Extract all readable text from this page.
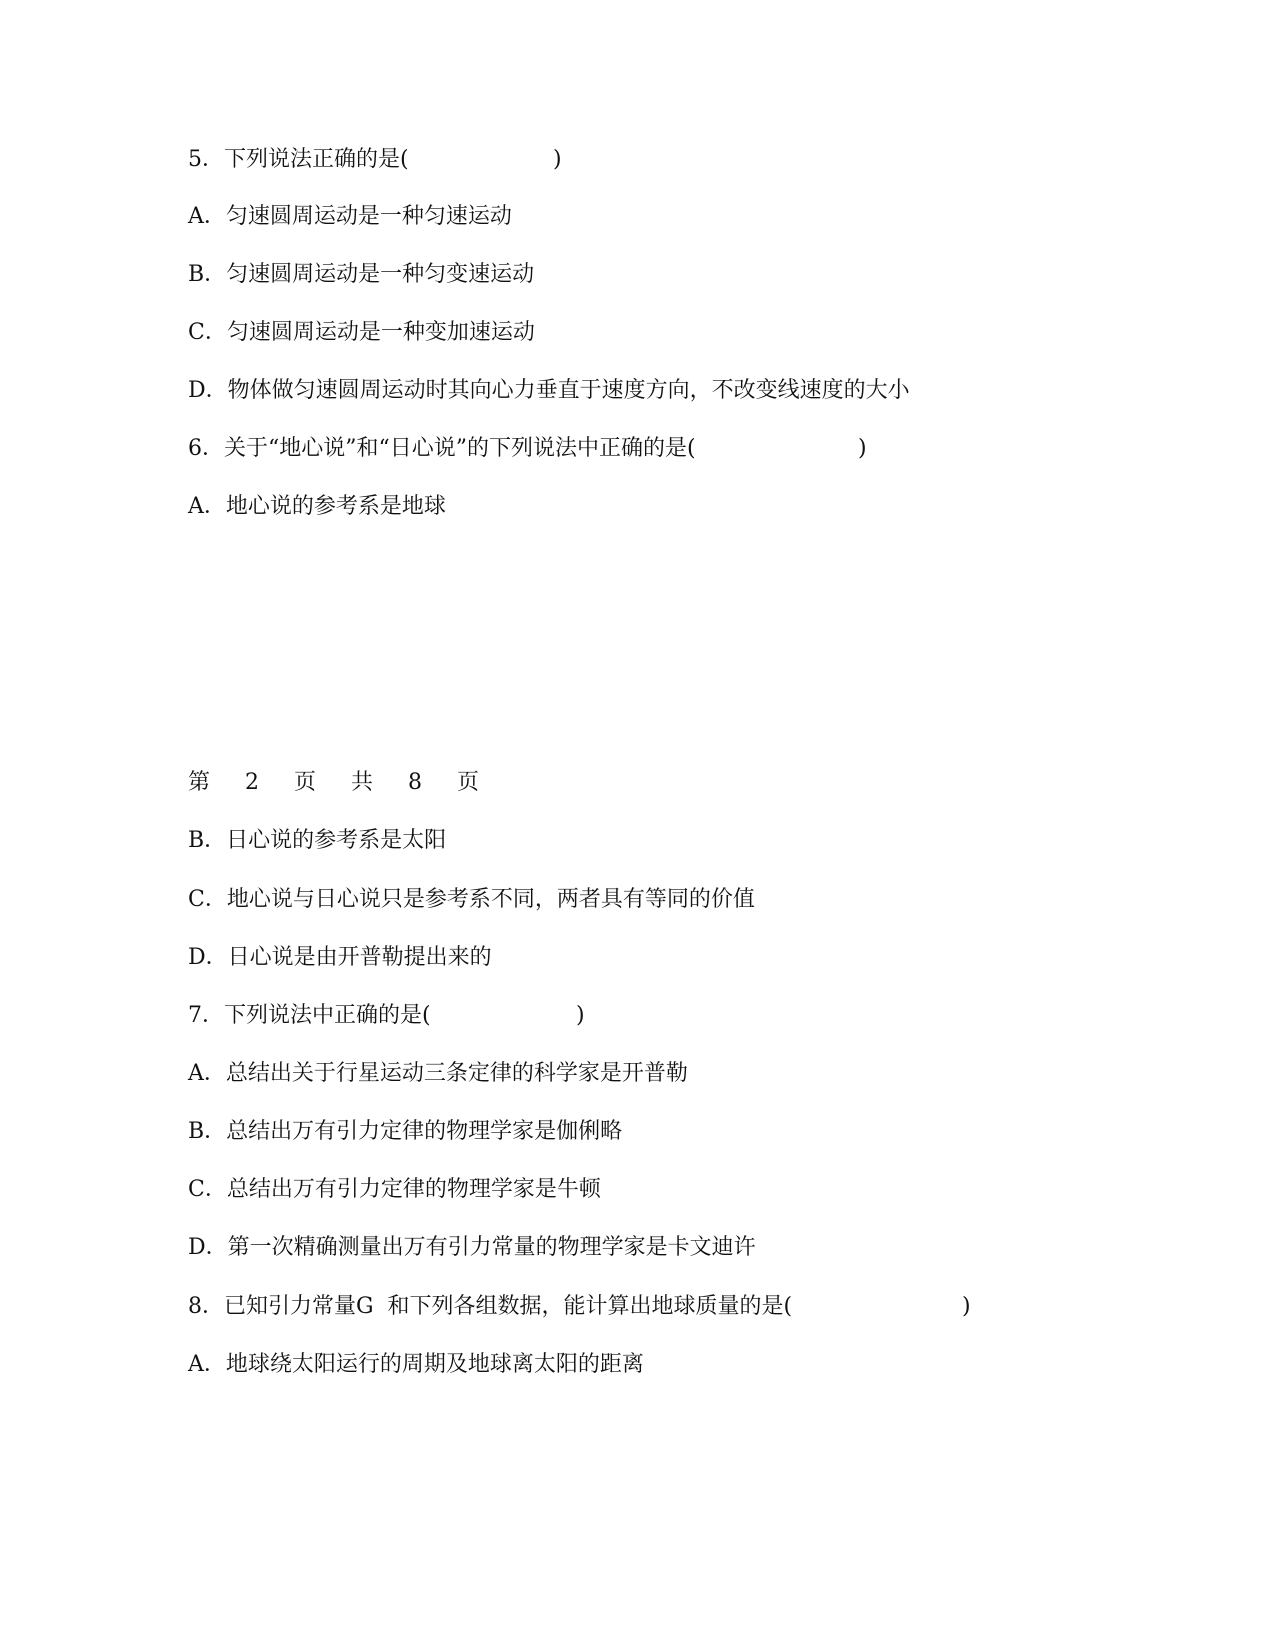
5．下列说法正确的是(	)
A．匀速圆周运动是一种匀速运动
B．匀速圆周运动是一种匀变速运动
C．匀速圆周运动是一种变加速运动
D．物体做匀速圆周运动时其向心力垂直于速度方向，不改变线速度的大小
6．关于“地心说”和“日心说”的下列说法中正确的是(	)
A．地心说的参考系是地球
第 2 页 共 8 页
B．日心说的参考系是太阳
C．地心说与日心说只是参考系不同，两者具有等同的价值
D．日心说是由开普勒提出来的
7．下列说法中正确的是(	)
A．总结出关于行星运动三条定律的科学家是开普勒
B．总结出万有引力定律的物理学家是伽俐略
C．总结出万有引力定律的物理学家是牛顿
D．第一次精确测量出万有引力常量的物理学家是卡文迪许
8．已知引力常量G  和下列各组数据，能计算出地球质量的是(	)
A．地球绕太阳运行的周期及地球离太阳的距离
